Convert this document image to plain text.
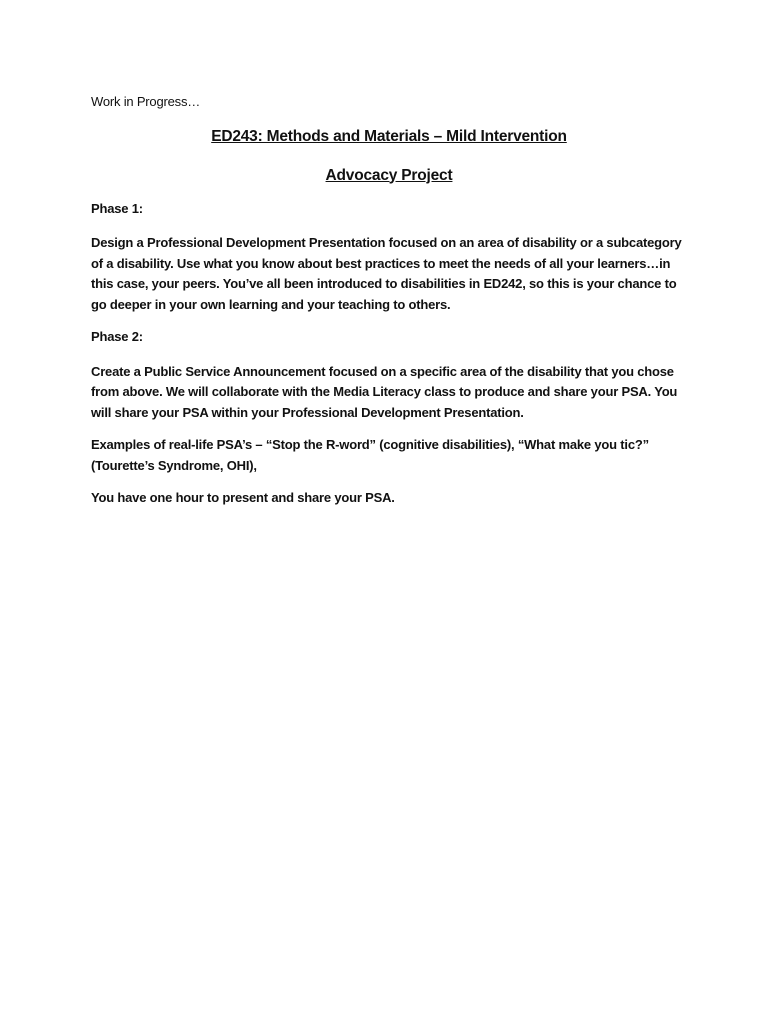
Work in Progress…

ED243: Methods and Materials – Mild Intervention

Advocacy Project

Phase 1:

Design a Professional Development Presentation focused on an area of disability or a subcategory of a disability. Use what you know about best practices to meet the needs of all your learners…in this case, your peers. You’ve all been introduced to disabilities in ED242, so this is your chance to go deeper in your own learning and your teaching to others.

Phase 2:

Create a Public Service Announcement focused on a specific area of the disability that you chose from above. We will collaborate with the Media Literacy class to produce and share your PSA. You will share your PSA within your Professional Development Presentation.

Examples of real-life PSA’s – “Stop the R-word” (cognitive disabilities), “What make you tic?” (Tourette’s Syndrome, OHI),

You have one hour to present and share your PSA.
